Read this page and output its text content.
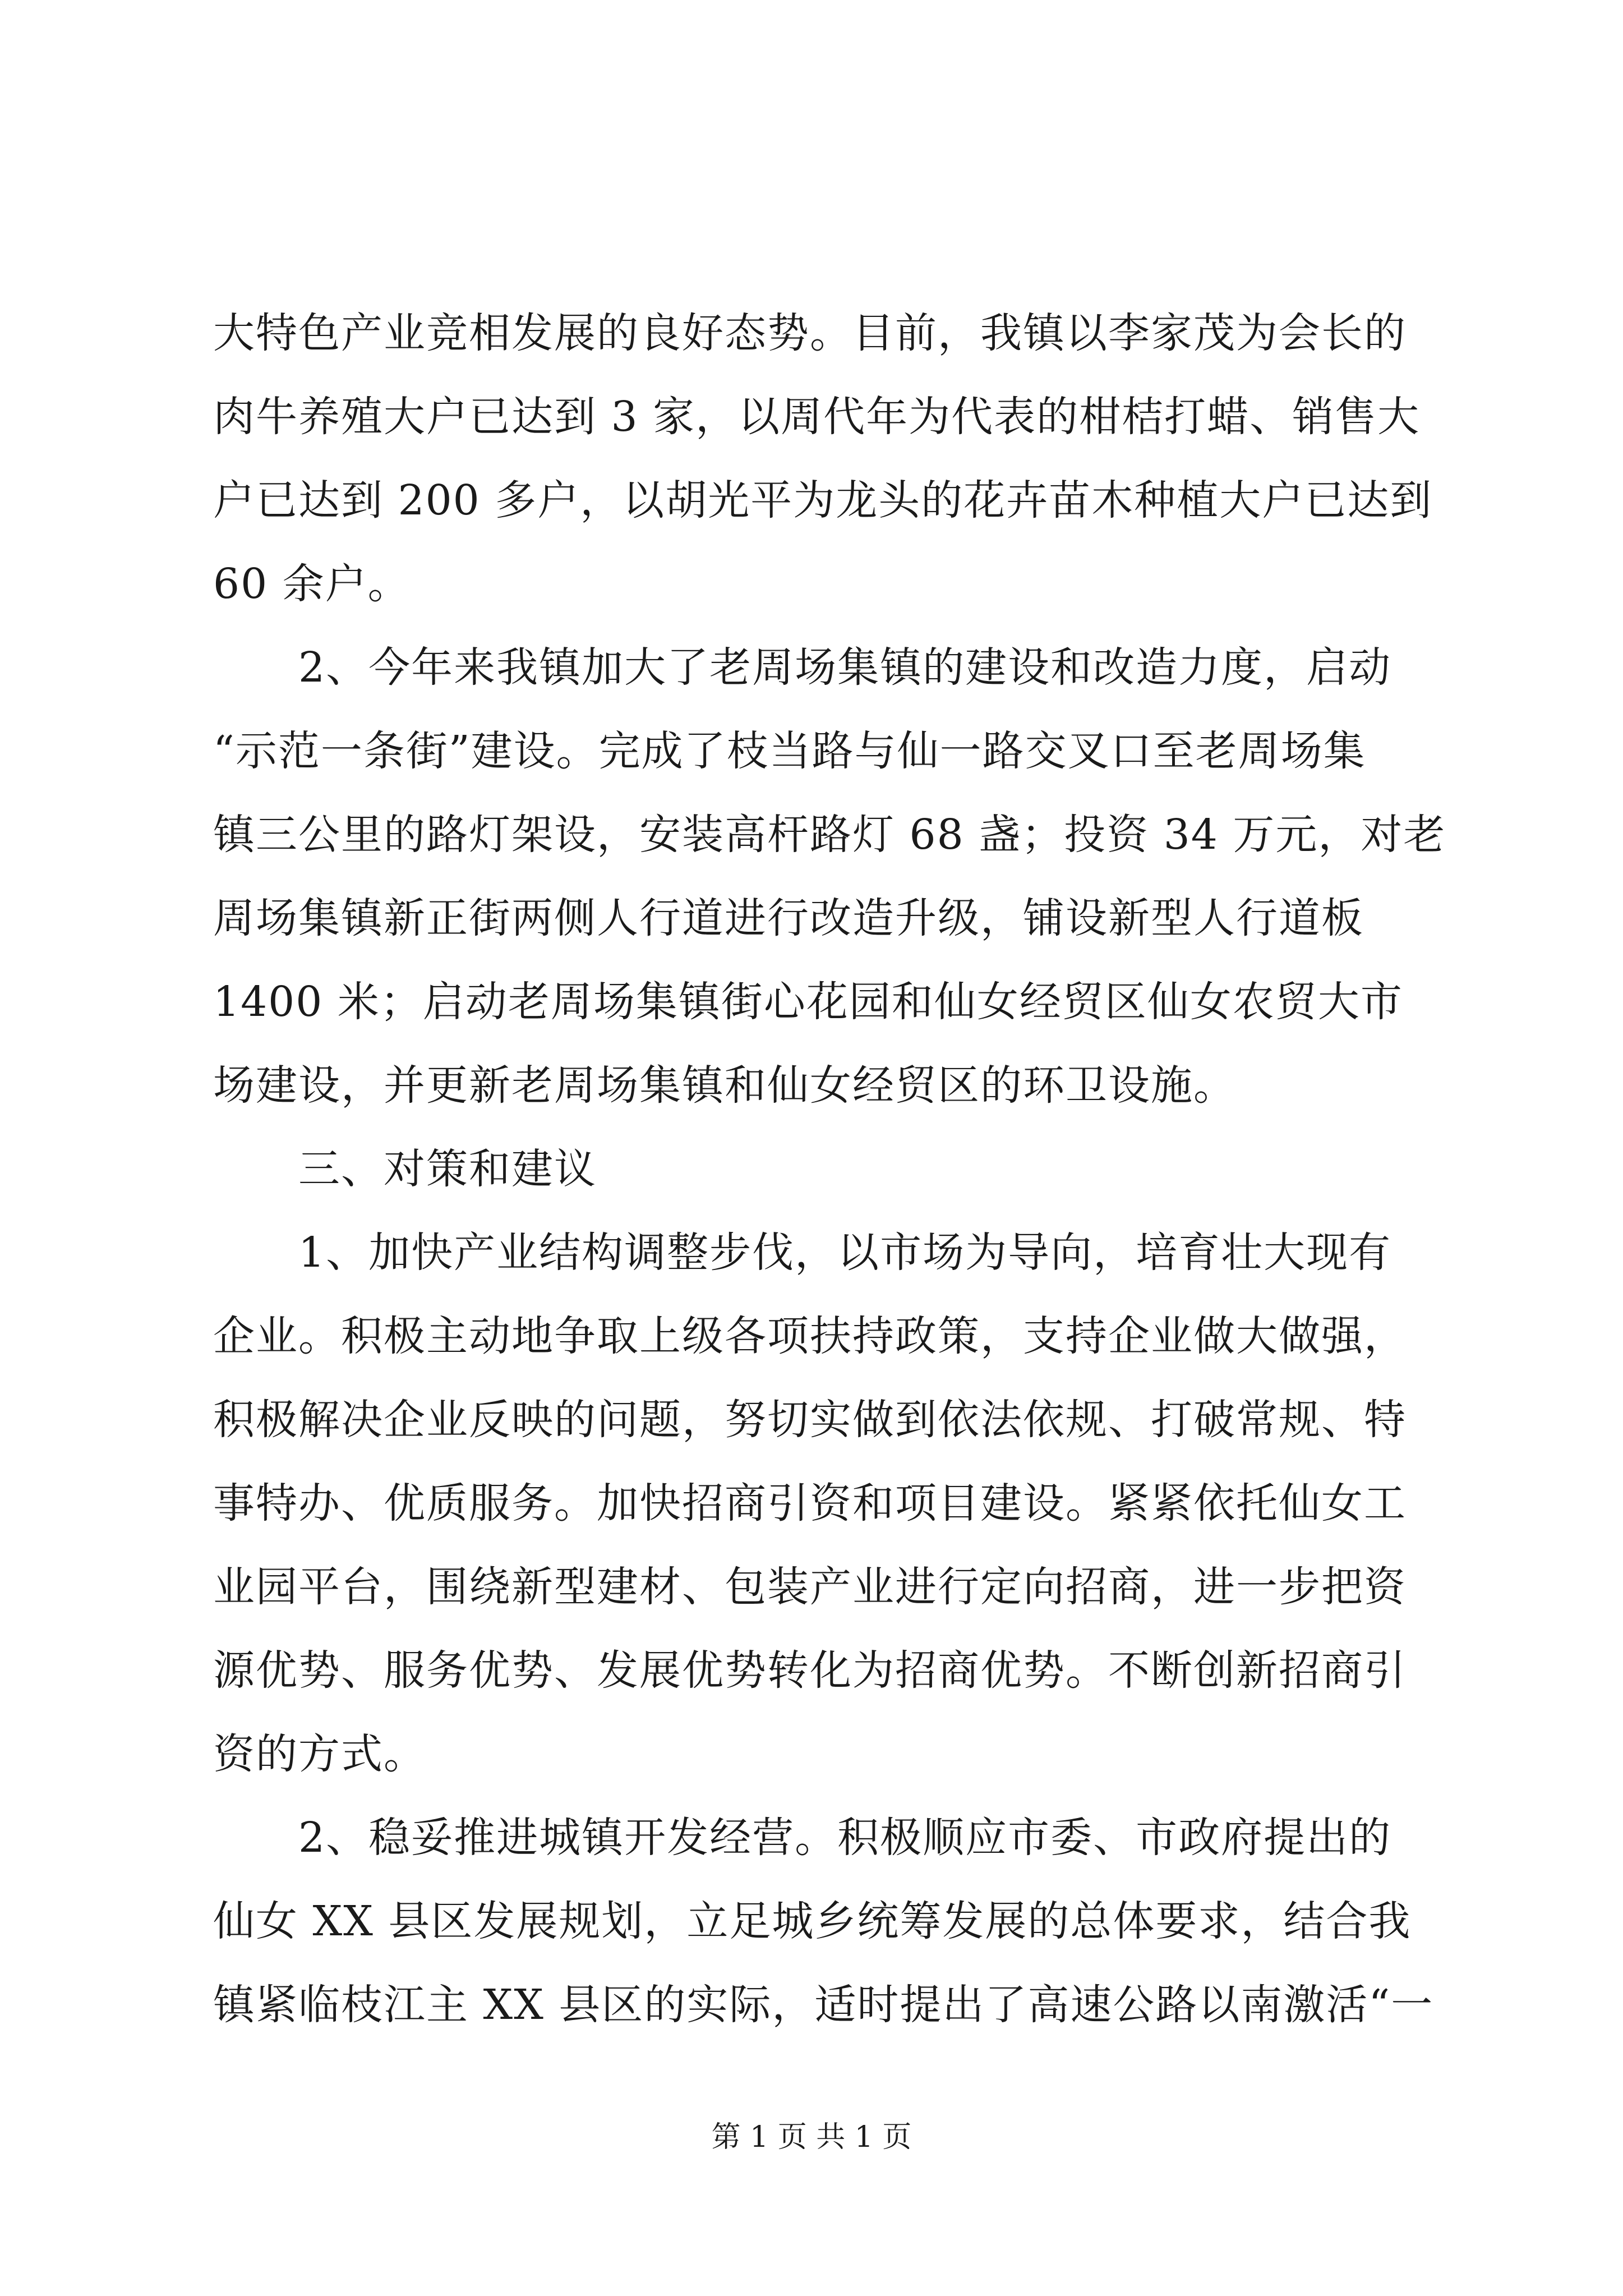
大特色产业竞相发展的良好态势。目前，我镇以李家茂为会长的
肉牛养殖大户已达到 3 家，以周代年为代表的柑桔打蜡、销售大
户已达到 200 多户，以胡光平为龙头的花卉苗木种植大户已达到
60 余户。
　　2、今年来我镇加大了老周场集镇的建设和改造力度，启动
“示范一条街”建设。完成了枝当路与仙一路交叉口至老周场集
镇三公里的路灯架设，安装高杆路灯 68 盏；投资 34 万元，对老
周场集镇新正街两侧人行道进行改造升级，铺设新型人行道板
1400 米；启动老周场集镇街心花园和仙女经贸区仙女农贸大市
场建设，并更新老周场集镇和仙女经贸区的环卫设施。
　　三、对策和建议
　　1、加快产业结构调整步伐，以市场为导向，培育壮大现有
企业。积极主动地争取上级各项扶持政策，支持企业做大做强，
积极解决企业反映的问题，努切实做到依法依规、打破常规、特
事特办、优质服务。加快招商引资和项目建设。紧紧依托仙女工
业园平台，围绕新型建材、包装产业进行定向招商，进一步把资
源优势、服务优势、发展优势转化为招商优势。不断创新招商引
资的方式。
　　2、稳妥推进城镇开发经营。积极顺应市委、市政府提出的
仙女 XX 县区发展规划，立足城乡统筹发展的总体要求，结合我
镇紧临枝江主 XX 县区的实际，适时提出了高速公路以南激活“一
第 1 页 共 1 页
